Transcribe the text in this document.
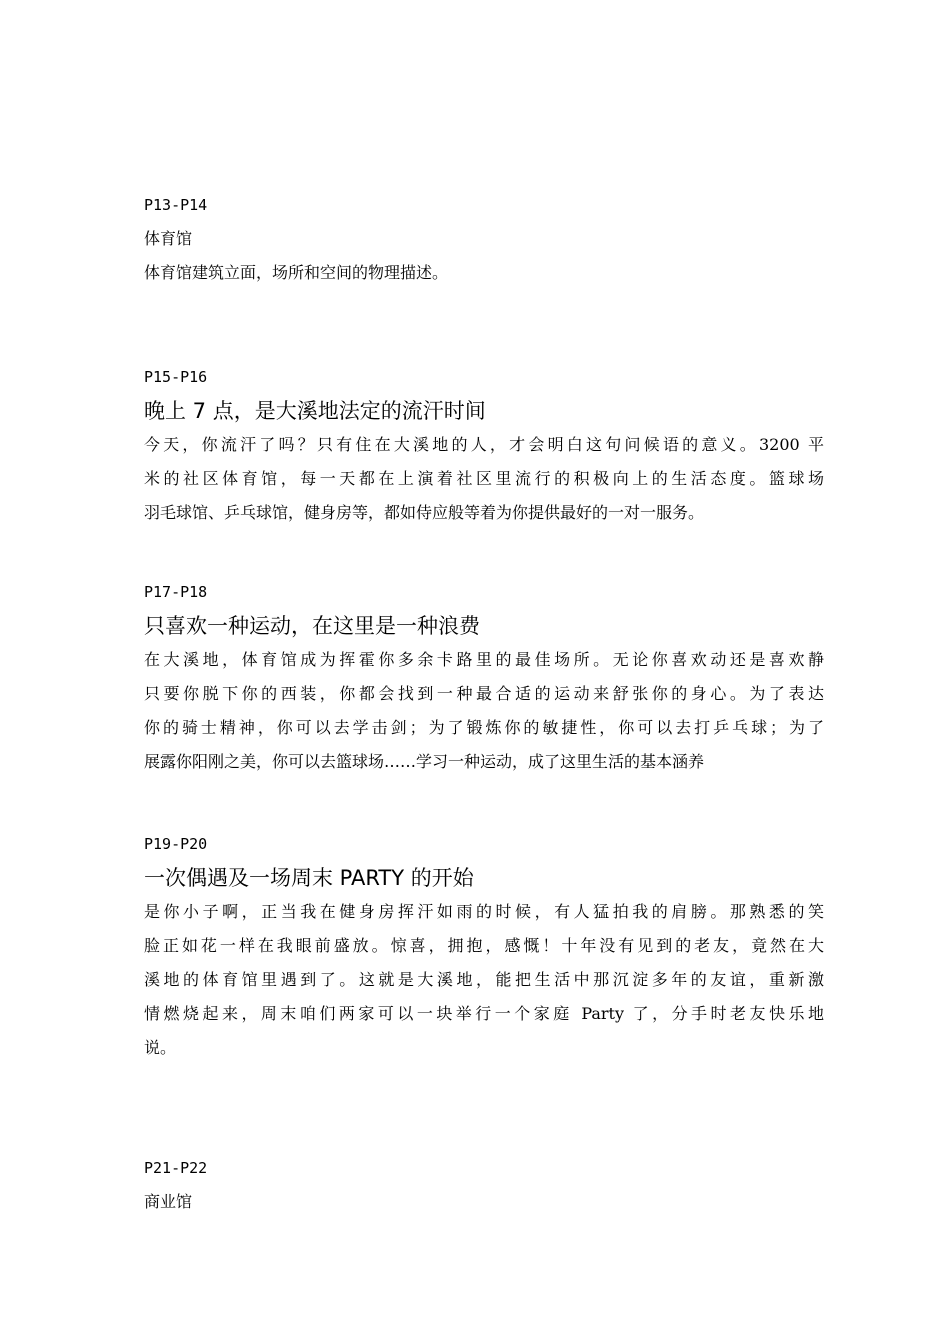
P13-P14

体育馆

体育馆建筑立面，场所和空间的物理描述。

P15-P16

晚上 7 点，是大溪地法定的流汗时间

今天，你流汗了吗？只有住在大溪地的人，才会明白这句问候语的意义。3200 平
米的社区体育馆，每一天都在上演着社区里流行的积极向上的生活态度。篮球场
羽毛球馆、乒乓球馆，健身房等，都如侍应般等着为你提供最好的一对一服务。

P17-P18

只喜欢一种运动，在这里是一种浪费

在大溪地，体育馆成为挥霍你多余卡路里的最佳场所。无论你喜欢动还是喜欢静
只要你脱下你的西装，你都会找到一种最合适的运动来舒张你的身心。为了表达
你的骑士精神，你可以去学击剑；为了锻炼你的敏捷性，你可以去打乒乓球；为了
展露你阳刚之美，你可以去篮球场……学习一种运动，成了这里生活的基本涵养

P19-P20

一次偶遇及一场周末 PARTY 的开始

是你小子啊，正当我在健身房挥汗如雨的时候，有人猛拍我的肩膀。那熟悉的笑
脸正如花一样在我眼前盛放。惊喜，拥抱，感慨！十年没有见到的老友，竟然在大
溪地的体育馆里遇到了。这就是大溪地，能把生活中那沉淀多年的友谊，重新激
情燃烧起来，周末咱们两家可以一块举行一个家庭 Party 了，分手时老友快乐地
说。

P21-P22

商业馆
